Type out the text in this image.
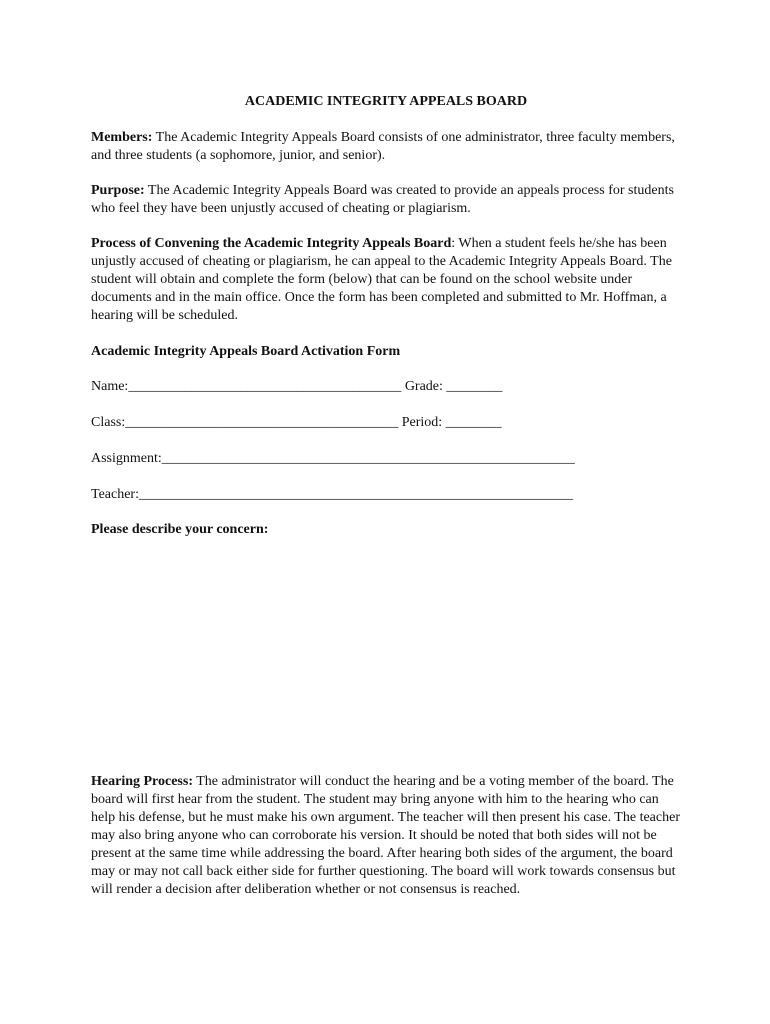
ACADEMIC INTEGRITY APPEALS BOARD

Members: The Academic Integrity Appeals Board consists of one administrator, three faculty members, and three students (a sophomore, junior, and senior).

Purpose: The Academic Integrity Appeals Board was created to provide an appeals process for students who feel they have been unjustly accused of cheating or plagiarism.

Process of Convening the Academic Integrity Appeals Board: When a student feels he/she has been unjustly accused of cheating or plagiarism, he can appeal to the Academic Integrity Appeals Board. The student will obtain and complete the form (below) that can be found on the school website under documents and in the main office. Once the form has been completed and submitted to Mr. Hoffman, a hearing will be scheduled.

Academic Integrity Appeals Board Activation Form

Name:_______________________________________ Grade: ________
Class:_______________________________________ Period: ________
Assignment:___________________________________________________________
Teacher:______________________________________________________________

Please describe your concern:

Hearing Process: The administrator will conduct the hearing and be a voting member of the board. The board will first hear from the student. The student may bring anyone with him to the hearing who can help his defense, but he must make his own argument. The teacher will then present his case. The teacher may also bring anyone who can corroborate his version. It should be noted that both sides will not be present at the same time while addressing the board. After hearing both sides of the argument, the board may or may not call back either side for further questioning. The board will work towards consensus but will render a decision after deliberation whether or not consensus is reached.
